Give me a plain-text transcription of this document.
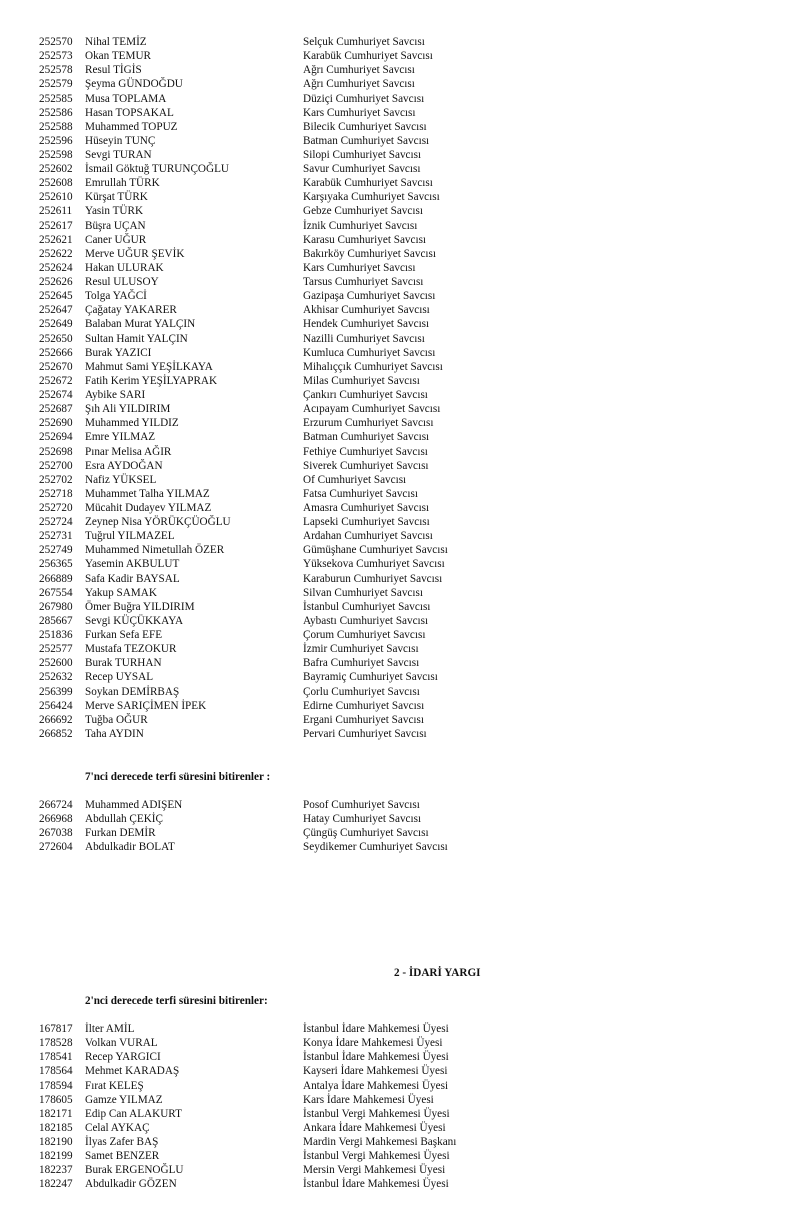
7'nci derecede terfi süresini bitirenler :
2 - İDARİ YARGI
2'nci derecede terfi süresini bitirenler:
252570 Nihal TEMİZ	Selçuk Cumhuriyet Savcısı
252573 Okan TEMUR	Karabük Cumhuriyet Savcısı
252578 Resul TİGİS	Ağrı Cumhuriyet Savcısı
252579 Şeyma GÜNDOĞDU	Ağrı Cumhuriyet Savcısı
252585 Musa TOPLAMA	Düziçi Cumhuriyet Savcısı
252586 Hasan TOPSAKAL	Kars Cumhuriyet Savcısı
252588 Muhammed TOPUZ	Bilecik Cumhuriyet Savcısı
252596 Hüseyin TUNÇ	Batman Cumhuriyet Savcısı
252598 Sevgi TURAN	Silopi Cumhuriyet Savcısı
252602 İsmail Göktuğ TURUNÇOĞLU	Savur Cumhuriyet Savcısı
252608 Emrullah TÜRK	Karabük Cumhuriyet Savcısı
252610 Kürşat TÜRK	Karşıyaka Cumhuriyet Savcısı
252611 Yasin TÜRK	Gebze Cumhuriyet Savcısı
252617 Büşra UÇAN	İznik Cumhuriyet Savcısı
252621 Caner UĞUR	Karasu Cumhuriyet Savcısı
252622 Merve UĞUR ŞEVİK	Bakırköy Cumhuriyet Savcısı
252624 Hakan ULURAK	Kars Cumhuriyet Savcısı
252626 Resul ULUSOY	Tarsus Cumhuriyet Savcısı
252645 Tolga YAĞCİ	Gazipaşa Cumhuriyet Savcısı
252647 Çağatay YAKARER	Akhisar Cumhuriyet Savcısı
252649 Balaban Murat YALÇIN	Hendek Cumhuriyet Savcısı
252650 Sultan Hamit YALÇIN	Nazilli Cumhuriyet Savcısı
252666 Burak YAZICI	Kumluca Cumhuriyet Savcısı
252670 Mahmut Sami YEŞİLKAYA	Mihalıççık Cumhuriyet Savcısı
252672 Fatih Kerim YEŞİLYAPRAK	Milas Cumhuriyet Savcısı
252674 Aybike SARI	Çankırı Cumhuriyet Savcısı
252687 Şıh Ali YILDIRIM	Acıpayam Cumhuriyet Savcısı
252690 Muhammed YILDIZ	Erzurum Cumhuriyet Savcısı
252694 Emre YILMAZ	Batman Cumhuriyet Savcısı
252698 Pınar Melisa AĞIR	Fethiye Cumhuriyet Savcısı
252700 Esra AYDOĞAN	Siverek Cumhuriyet Savcısı
252702 Nafiz YÜKSEL	Of Cumhuriyet Savcısı
252718 Muhammet Talha YILMAZ	Fatsa Cumhuriyet Savcısı
252720 Mücahit Dudayev YILMAZ	Amasra Cumhuriyet Savcısı
252724 Zeynep Nisa YÖRÜKÇÜOĞLU	Lapseki Cumhuriyet Savcısı
252731 Tuğrul YILMAZEL	Ardahan Cumhuriyet Savcısı
252749 Muhammed Nimetullah ÖZER	Gümüşhane Cumhuriyet Savcısı
256365 Yasemin AKBULUT	Yüksekova Cumhuriyet Savcısı
266889 Safa Kadir BAYSAL	Karaburun Cumhuriyet Savcısı
267554 Yakup SAMAK	Silvan Cumhuriyet Savcısı
267980 Ömer Buğra YILDIRIM	İstanbul Cumhuriyet Savcısı
285667 Sevgi KÜÇÜKKAYA	Aybastı Cumhuriyet Savcısı
251836 Furkan Sefa EFE	Çorum Cumhuriyet Savcısı
252577 Mustafa TEZOKUR	İzmir Cumhuriyet Savcısı
252600 Burak TURHAN	Bafra Cumhuriyet Savcısı
252632 Recep UYSAL	Bayramiç Cumhuriyet Savcısı
256399 Soykan DEMİRBAŞ	Çorlu Cumhuriyet Savcısı
256424 Merve SARIÇİMEN İPEK	Edirne Cumhuriyet Savcısı
266692 Tuğba OĞUR	Ergani Cumhuriyet Savcısı
266852 Taha AYDIN	Pervari Cumhuriyet Savcısı
266724 Muhammed ADIŞEN	Posof Cumhuriyet Savcısı
266968 Abdullah ÇEKİÇ	Hatay Cumhuriyet Savcısı
267038 Furkan DEMİR	Çüngüş Cumhuriyet Savcısı
272604 Abdulkadir BOLAT	Seydikemer Cumhuriyet Savcısı
167817 İlter AMİL	İstanbul İdare Mahkemesi Üyesi
178528 Volkan VURAL	Konya İdare Mahkemesi Üyesi
178541 Recep YARGICI	İstanbul İdare Mahkemesi Üyesi
178564 Mehmet KARADAŞ	Kayseri İdare Mahkemesi Üyesi
178594 Fırat KELEŞ	Antalya İdare Mahkemesi Üyesi
178605 Gamze YILMAZ	Kars İdare Mahkemesi Üyesi
182171 Edip Can ALAKURT	İstanbul Vergi Mahkemesi Üyesi
182185 Celal AYKAÇ	Ankara İdare Mahkemesi Üyesi
182190 İlyas Zafer BAŞ	Mardin Vergi Mahkemesi Başkanı
182199 Samet BENZER	İstanbul Vergi Mahkemesi Üyesi
182237 Burak ERGENOĞLU	Mersin Vergi Mahkemesi Üyesi
182247 Abdulkadir GÖZEN	İstanbul İdare Mahkemesi Üyesi
